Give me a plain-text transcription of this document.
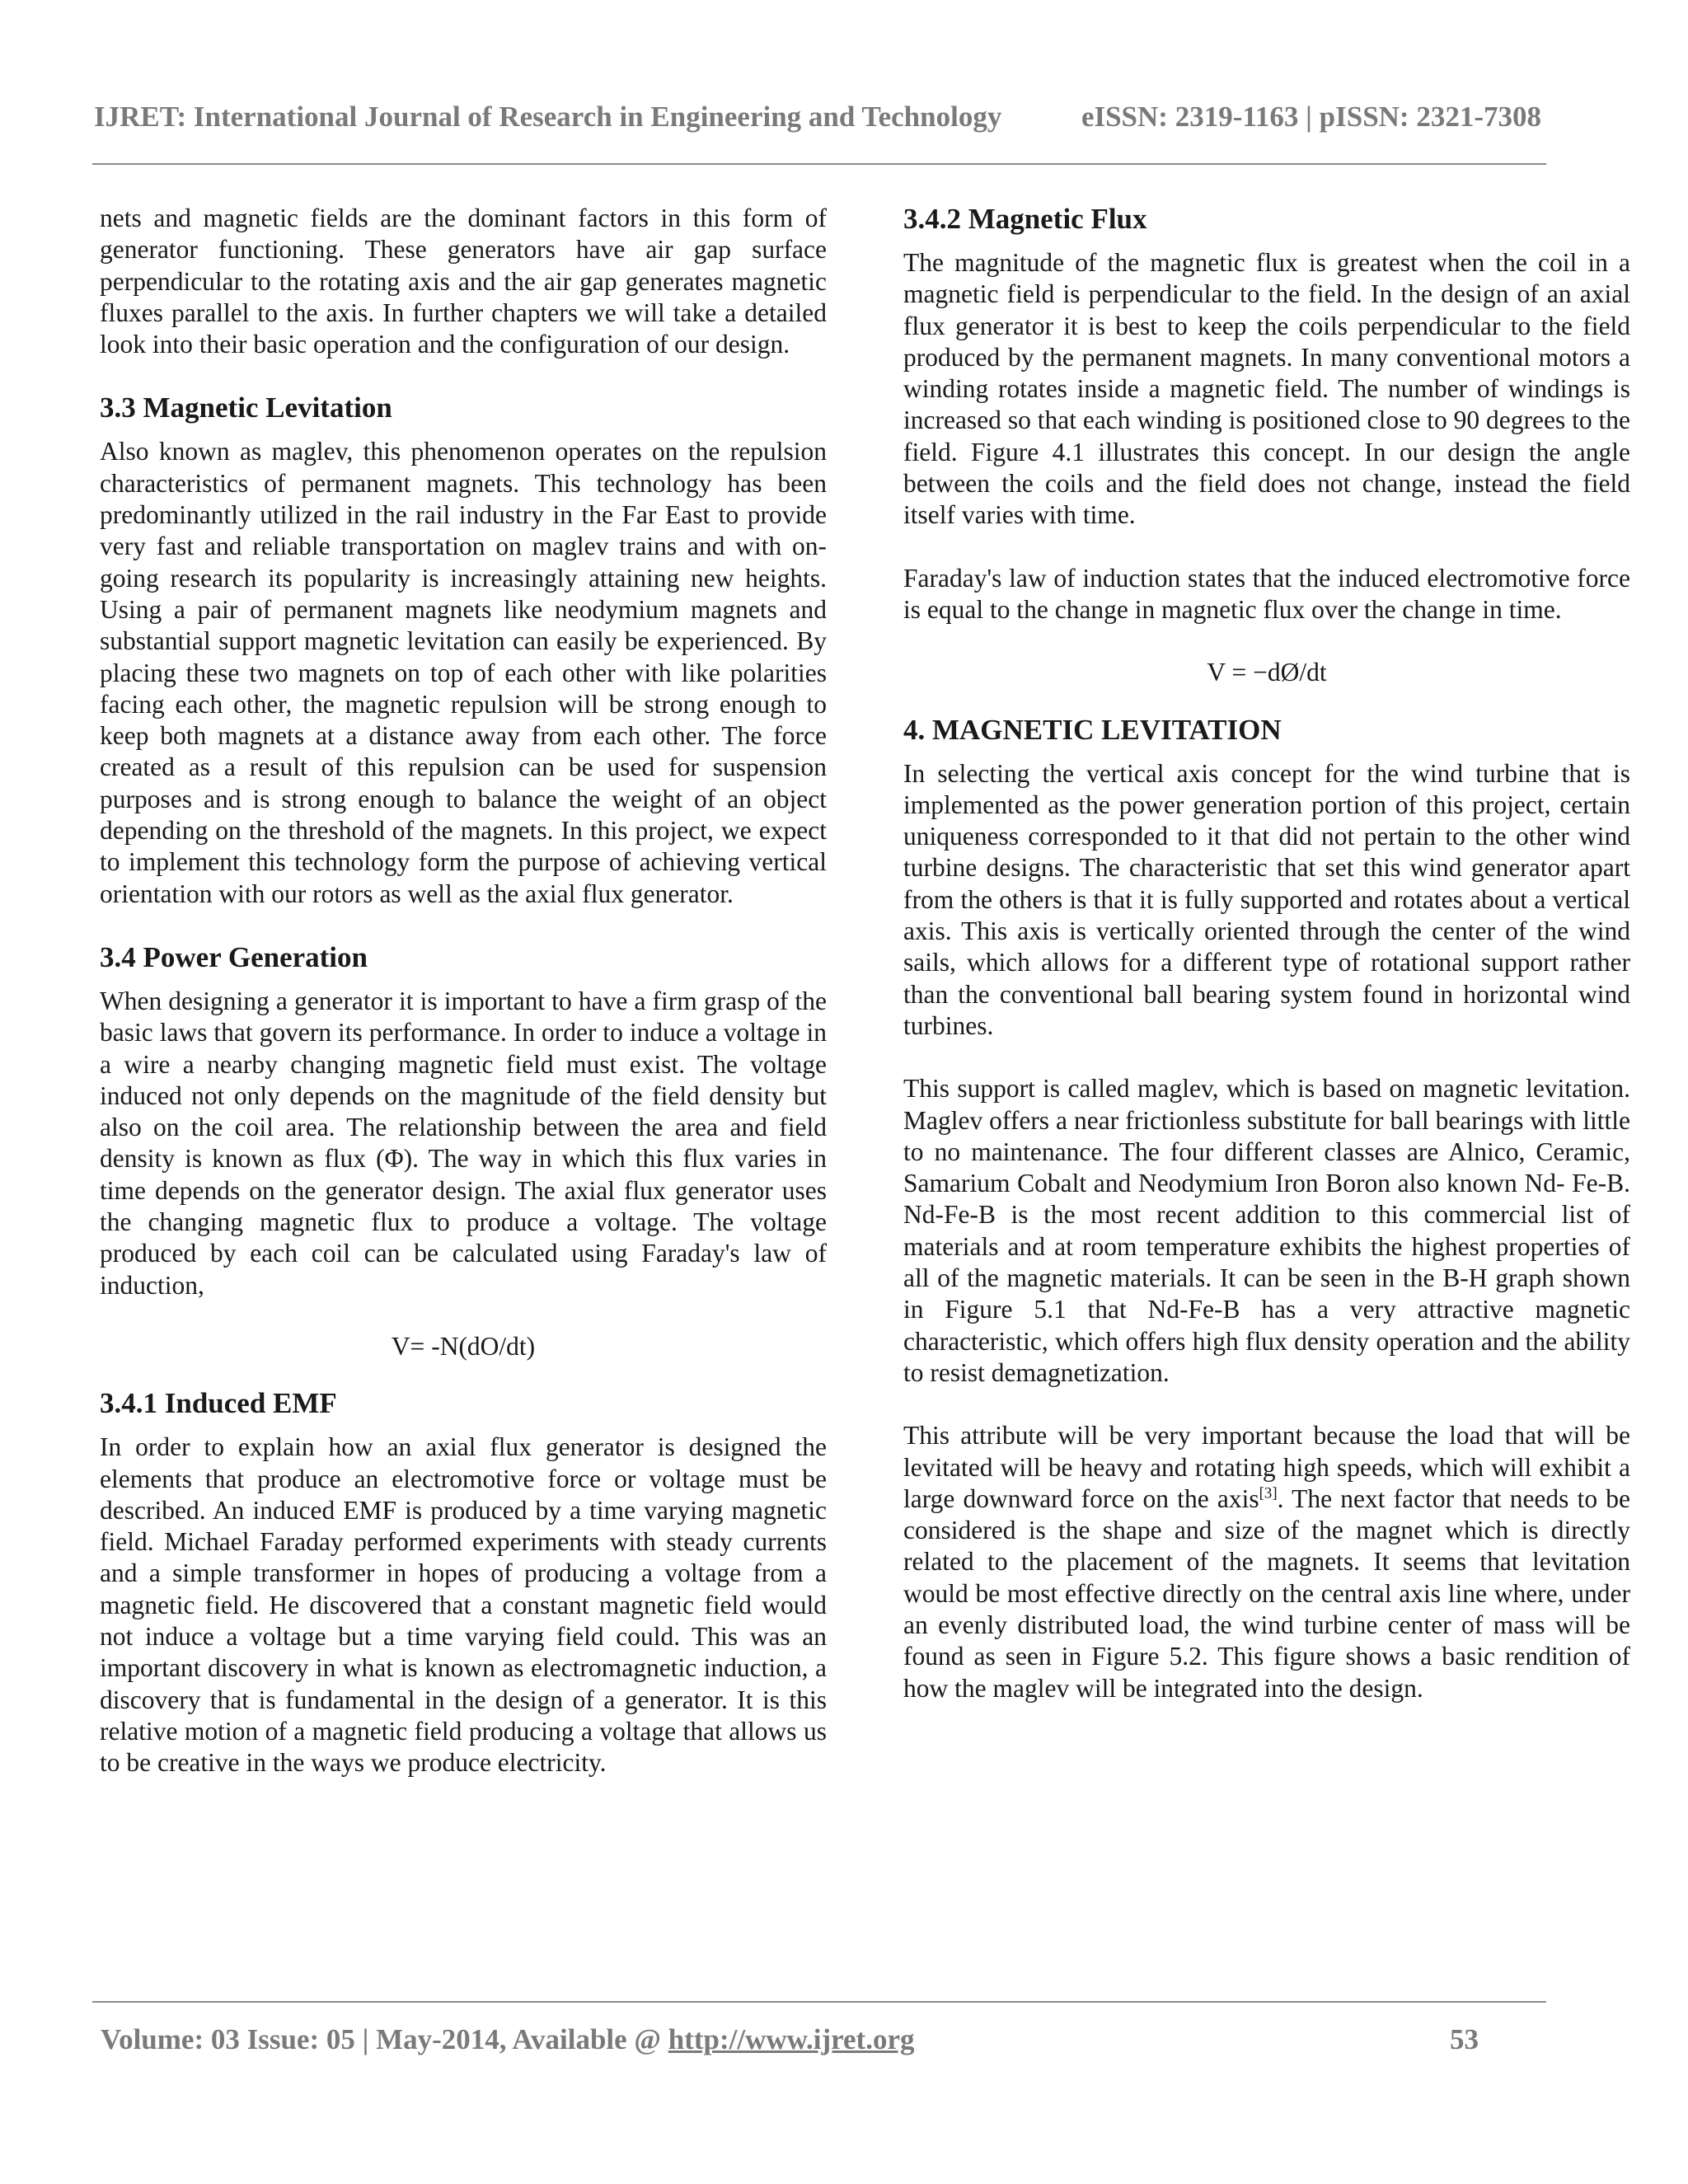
IJRET: International Journal of Research in Engineering and Technology	eISSN: 2319-1163 | pISSN: 2321-7308

nets and magnetic fields are the dominant factors in this form of generator functioning. These generators have air gap surface perpendicular to the rotating axis and the air gap generates magnetic fluxes parallel to the axis. In further chapters we will take a detailed look into their basic operation and the configuration of our design.

3.3 Magnetic Levitation

Also known as maglev, this phenomenon operates on the repulsion characteristics of permanent magnets. This technology has been predominantly utilized in the rail industry in the Far East to provide very fast and reliable transportation on maglev trains and with on-going research its popularity is increasingly attaining new heights. Using a pair of permanent magnets like neodymium magnets and substantial support magnetic levitation can easily be experienced. By placing these two magnets on top of each other with like polarities facing each other, the magnetic repulsion will be strong enough to keep both magnets at a distance away from each other. The force created as a result of this repulsion can be used for suspension purposes and is strong enough to balance the weight of an object depending on the threshold of the magnets. In this project, we expect to implement this technology form the purpose of achieving vertical orientation with our rotors as well as the axial flux generator.

3.4 Power Generation

When designing a generator it is important to have a firm grasp of the basic laws that govern its performance. In order to induce a voltage in a wire a nearby changing magnetic field must exist. The voltage induced not only depends on the magnitude of the field density but also on the coil area. The relationship between the area and field density is known as flux (Φ). The way in which this flux varies in time depends on the generator design. The axial flux generator uses the changing magnetic flux to produce a voltage. The voltage produced by each coil can be calculated using Faraday's law of induction,

V= -N(dO/dt)

3.4.1 Induced EMF

In order to explain how an axial flux generator is designed the elements that produce an electromotive force or voltage must be described. An induced EMF is produced by a time varying magnetic field. Michael Faraday performed experiments with steady currents and a simple transformer in hopes of producing a voltage from a magnetic field. He discovered that a constant magnetic field would not induce a voltage but a time varying field could. This was an important discovery in what is known as electromagnetic induction, a discovery that is fundamental in the design of a generator. It is this relative motion of a magnetic field producing a voltage that allows us to be creative in the ways we produce electricity.

3.4.2 Magnetic Flux

The magnitude of the magnetic flux is greatest when the coil in a magnetic field is perpendicular to the field. In the design of an axial flux generator it is best to keep the coils perpendicular to the field produced by the permanent magnets. In many conventional motors a winding rotates inside a magnetic field. The number of windings is increased so that each winding is positioned close to 90 degrees to the field. Figure 4.1 illustrates this concept. In our design the angle between the coils and the field does not change, instead the field itself varies with time.

Faraday's law of induction states that the induced electromotive force is equal to the change in magnetic flux over the change in time.

V = −dØ/dt

4. MAGNETIC LEVITATION

In selecting the vertical axis concept for the wind turbine that is implemented as the power generation portion of this project, certain uniqueness corresponded to it that did not pertain to the other wind turbine designs. The characteristic that set this wind generator apart from the others is that it is fully supported and rotates about a vertical axis. This axis is vertically oriented through the center of the wind sails, which allows for a different type of rotational support rather than the conventional ball bearing system found in horizontal wind turbines.

This support is called maglev, which is based on magnetic levitation. Maglev offers a near frictionless substitute for ball bearings with little to no maintenance. The four different classes are Alnico, Ceramic, Samarium Cobalt and Neodymium Iron Boron also known Nd- Fe-B. Nd-Fe-B is the most recent addition to this commercial list of materials and at room temperature exhibits the highest properties of all of the magnetic materials. It can be seen in the B-H graph shown in Figure 5.1 that Nd-Fe-B has a very attractive magnetic characteristic, which offers high flux density operation and the ability to resist demagnetization.

This attribute will be very important because the load that will be levitated will be heavy and rotating high speeds, which will exhibit a large downward force on the axis[3]. The next factor that needs to be considered is the shape and size of the magnet which is directly related to the placement of the magnets. It seems that levitation would be most effective directly on the central axis line where, under an evenly distributed load, the wind turbine center of mass will be found as seen in Figure 5.2. This figure shows a basic rendition of how the maglev will be integrated into the design.

Volume: 03 Issue: 05 | May-2014, Available @ http://www.ijret.org	53
